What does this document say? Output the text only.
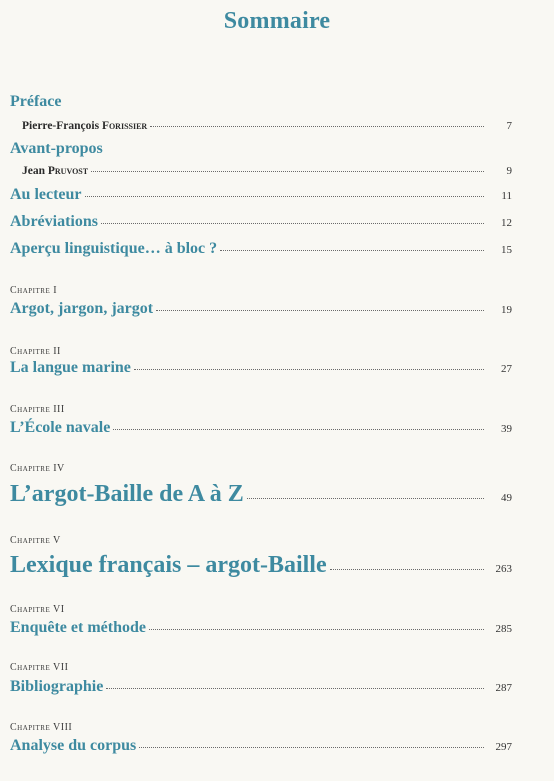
Sommaire
Préface
Pierre-François Forissier	7
Avant-propos
Jean Pruvost	9
Au lecteur	11
Abréviations	12
Aperçu linguistique… à bloc ?	15
Chapitre I
Argot, jargon, jargot	19
Chapitre II
La langue marine	27
Chapitre III
L’École navale	39
Chapitre IV
L’argot-Baille de A à Z	49
Chapitre V
Lexique français – argot-Baille	263
Chapitre VI
Enquête et méthode	285
Chapitre VII
Bibliographie	287
Chapitre VIII
Analyse du corpus	297
